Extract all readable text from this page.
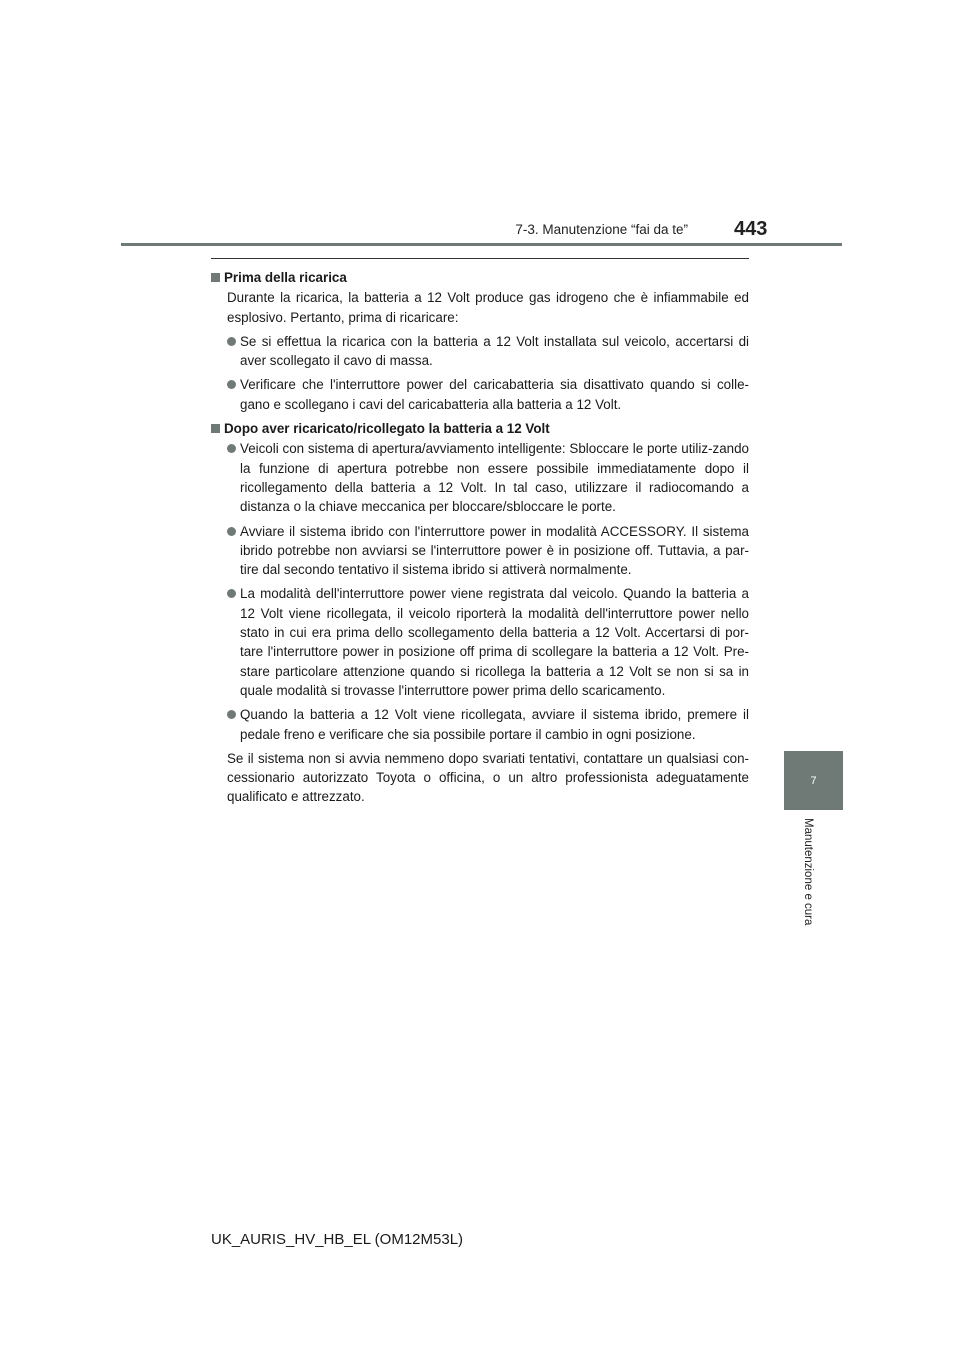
7-3. Manutenzione “fai da te” 443
Prima della ricarica
Durante la ricarica, la batteria a 12 Volt produce gas idrogeno che è infiammabile ed esplosivo. Pertanto, prima di ricaricare:
Se si effettua la ricarica con la batteria a 12 Volt installata sul veicolo, accertarsi di aver scollegato il cavo di massa.
Verificare che l'interruttore power del caricabatteria sia disattivato quando si colle-gano e scollegano i cavi del caricabatteria alla batteria a 12 Volt.
Dopo aver ricaricato/ricollegato la batteria a 12 Volt
Veicoli con sistema di apertura/avviamento intelligente: Sbloccare le porte utiliz-zando la funzione di apertura potrebbe non essere possibile immediatamente dopo il ricollegamento della batteria a 12 Volt. In tal caso, utilizzare il radiocomando a distanza o la chiave meccanica per bloccare/sbloccare le porte.
Avviare il sistema ibrido con l'interruttore power in modalità ACCESSORY. Il sistema ibrido potrebbe non avviarsi se l'interruttore power è in posizione off. Tuttavia, a par-tire dal secondo tentativo il sistema ibrido si attiverà normalmente.
La modalità dell'interruttore power viene registrata dal veicolo. Quando la batteria a 12 Volt viene ricollegata, il veicolo riporterà la modalità dell'interruttore power nello stato in cui era prima dello scollegamento della batteria a 12 Volt. Accertarsi di por-tare l'interruttore power in posizione off prima di scollegare la batteria a 12 Volt. Pre-stare particolare attenzione quando si ricollega la batteria a 12 Volt se non si sa in quale modalità si trovasse l'interruttore power prima dello scaricamento.
Quando la batteria a 12 Volt viene ricollegata, avviare il sistema ibrido, premere il pedale freno e verificare che sia possibile portare il cambio in ogni posizione.
Se il sistema non si avvia nemmeno dopo svariati tentativi, contattare un qualsiasi con-cessionario autorizzato Toyota o officina, o un altro professionista adeguatamente qualificato e attrezzato.
7
Manutenzione e cura
UK_AURIS_HV_HB_EL (OM12M53L)
